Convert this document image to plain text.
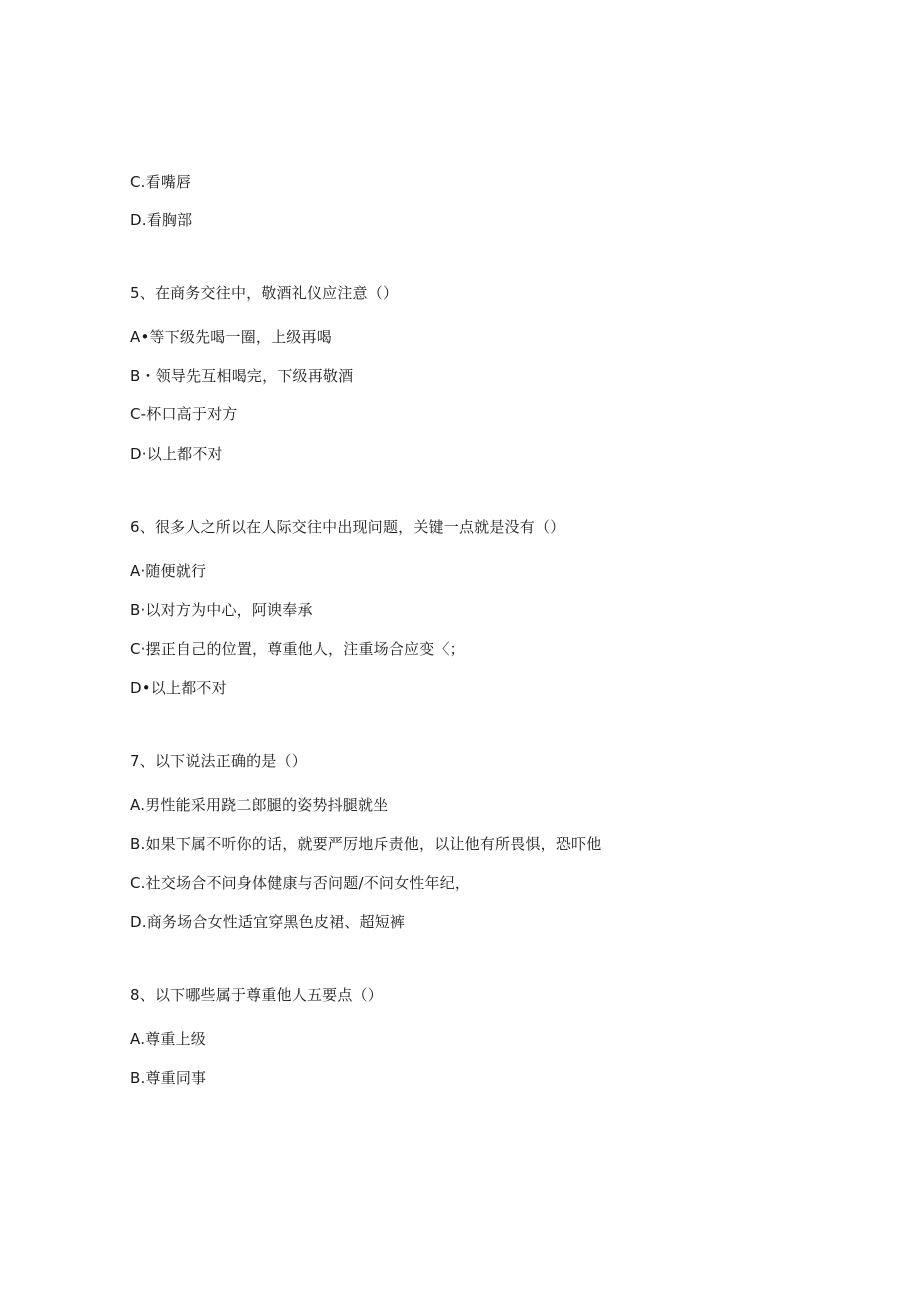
C.看嘴唇
D.看胸部
5、在商务交往中，敬酒礼仪应注意（）
A•等下级先喝一圈，上级再喝
B・领导先互相喝完，下级再敬酒
C-杯口高于对方
D·以上都不对
6、很多人之所以在人际交往中出现问题，关键一点就是没有（）
A·随便就行
B·以对方为中心，阿谀奉承
C·摆正自己的位置，尊重他人，注重场合应变〈；
D•以上都不对
7、以下说法正确的是（）
A.男性能采用跷二郎腿的姿势抖腿就坐
B.如果下属不听你的话，就要严厉地斥责他，以让他有所畏惧，恐吓他
C.社交场合不问身体健康与否问题/不问女性年纪，
D.商务场合女性适宜穿黑色皮裙、超短裤
8、以下哪些属于尊重他人五要点（）
A.尊重上级
B.尊重同事
